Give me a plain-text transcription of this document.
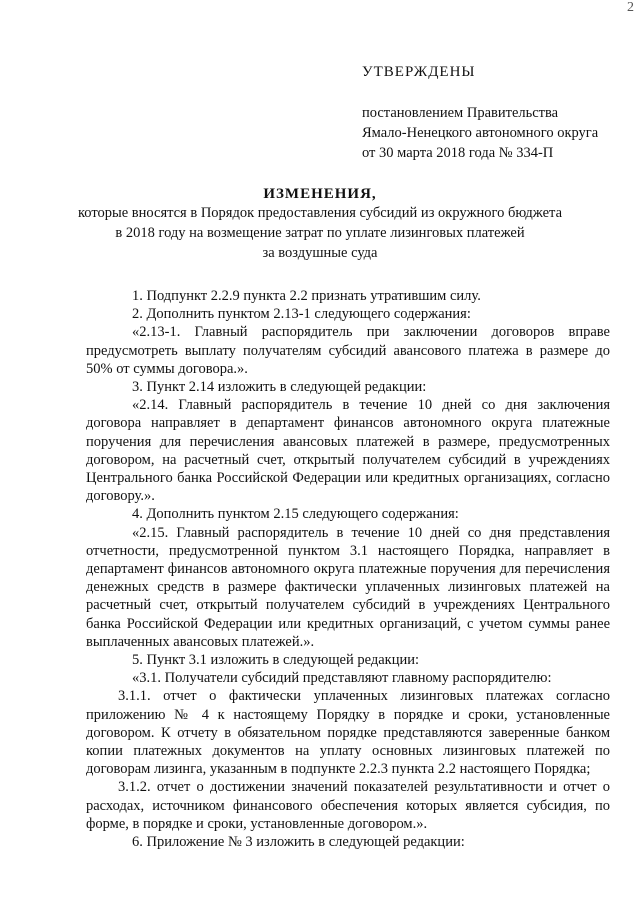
2
УТВЕРЖДЕНЫ
постановлением Правительства
Ямало-Ненецкого автономного округа
от 30 марта 2018 года № 334-П
ИЗМЕНЕНИЯ,
которые вносятся в Порядок предоставления субсидий из окружного бюджета
в 2018 году на возмещение затрат по уплате лизинговых платежей
за воздушные суда

1. Подпункт 2.2.9 пункта 2.2 признать утратившим силу.

2. Дополнить пунктом 2.13-1 следующего содержания:

«2.13-1. Главный распорядитель при заключении договоров вправе предусмотреть выплату получателям субсидий авансового платежа в размере до 50% от суммы договора.».

3. Пункт 2.14 изложить в следующей редакции:

«2.14. Главный распорядитель в течение 10 дней со дня заключения договора направляет в департамент финансов автономного округа платежные поручения для перечисления авансовых платежей в размере, предусмотренных договором, на расчетный счет, открытый получателем субсидий в учреждениях Центрального банка Российской Федерации или кредитных организациях, согласно договору.».

4. Дополнить пунктом 2.15 следующего содержания:

«2.15. Главный распорядитель в течение 10 дней со дня представления отчетности, предусмотренной пунктом 3.1 настоящего Порядка, направляет в департамент финансов автономного округа платежные поручения для перечисления денежных средств в размере фактически уплаченных лизинговых платежей на расчетный счет, открытый получателем субсидий в учреждениях Центрального банка Российской Федерации или кредитных организаций, с учетом суммы ранее выплаченных авансовых платежей.».

5. Пункт 3.1 изложить в следующей редакции:

«3.1. Получатели субсидий представляют главному распорядителю:

3.1.1. отчет о фактически уплаченных лизинговых платежах согласно приложению № 4 к настоящему Порядку в порядке и сроки, установленные договором. К отчету в обязательном порядке представляются заверенные банком копии платежных документов на уплату основных лизинговых платежей по договорам лизинга, указанным в подпункте 2.2.3 пункта 2.2 настоящего Порядка;

3.1.2. отчет о достижении значений показателей результативности и отчет о расходах, источником финансового обеспечения которых является субсидия, по форме, в порядке и сроки, установленные договором.».

6. Приложение № 3 изложить в следующей редакции:
